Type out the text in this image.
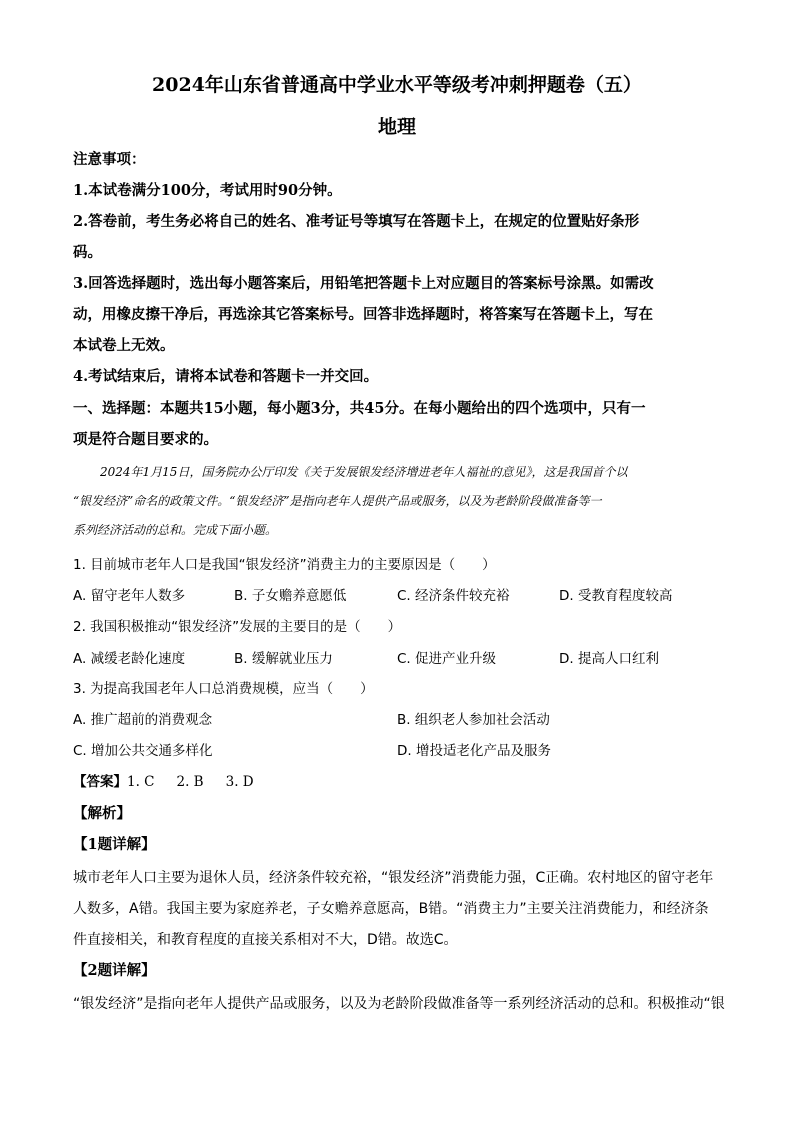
2024年山东省普通高中学业水平等级考冲刺押题卷（五）
地理
注意事项：
1.本试卷满分100分，考试用时90分钟。
2.答卷前，考生务必将自己的姓名、准考证号等填写在答题卡上，在规定的位置贴好条形
码。
3.回答选择题时，选出每小题答案后，用铅笔把答题卡上对应题目的答案标号涂黑。如需改
动，用橡皮擦干净后，再选涂其它答案标号。回答非选择题时，将答案写在答题卡上，写在
本试卷上无效。
4.考试结束后，请将本试卷和答题卡一并交回。
一、选择题：本题共15小题，每小题3分，共45分。在每小题给出的四个选项中，只有一
项是符合题目要求的。
2024年1月15日，国务院办公厅印发《关于发展银发经济增进老年人福祉的意见》，这是我国首个以
“银发经济”命名的政策文件。“银发经济”是指向老年人提供产品或服务，以及为老龄阶段做准备等一
系列经济活动的总和。完成下面小题。
1. 目前城市老年人口是我国“银发经济”消费主力的主要原因是（　　）
A. 留守老年人数多	B. 子女赡养意愿低	C. 经济条件较充裕	D. 受教育程度较高
2. 我国积极推动“银发经济”发展的主要目的是（　　）
A. 减缓老龄化速度	B. 缓解就业压力	C. 促进产业升级	D. 提高人口红利
3. 为提高我国老年人口总消费规模，应当（　　）
A. 推广超前的消费观念	B. 组织老人参加社会活动
C. 增加公共交通多样化	D. 增投适老化产品及服务
【答案】1. C 2. B 3. D
【解析】
【1题详解】
城市老年人口主要为退休人员，经济条件较充裕，“银发经济”消费能力强，C正确。农村地区的留守老年
人数多，A错。我国主要为家庭养老，子女赡养意愿高，B错。“消费主力”主要关注消费能力，和经济条
件直接相关，和教育程度的直接关系相对不大，D错。故选C。
【2题详解】
“银发经济”是指向老年人提供产品或服务，以及为老龄阶段做准备等一系列经济活动的总和。积极推动“银
